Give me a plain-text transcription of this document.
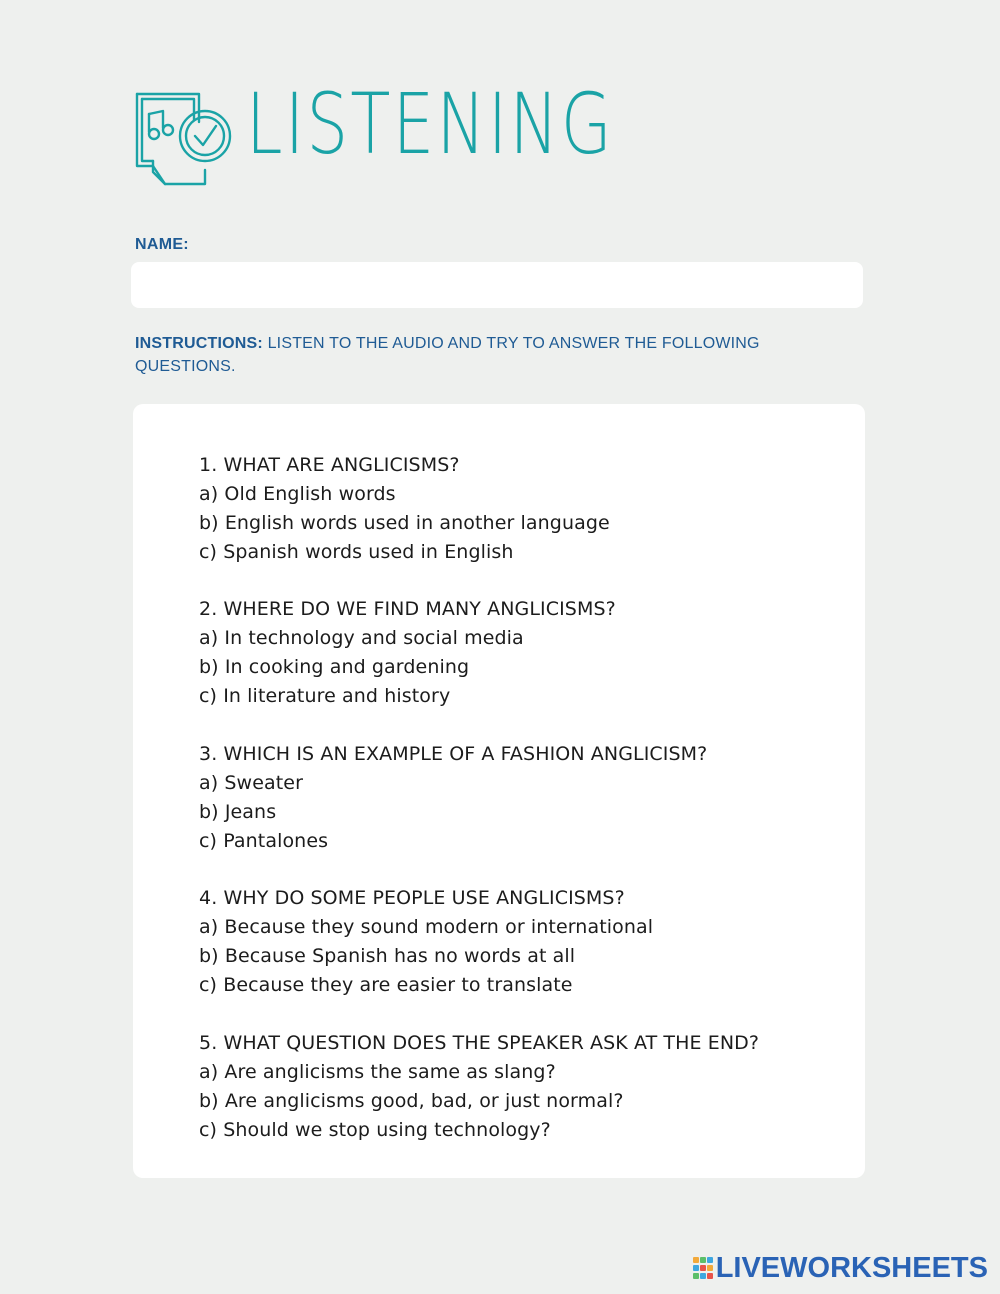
LISTENING
NAME:
INSTRUCTIONS: LISTEN TO THE AUDIO AND TRY TO ANSWER THE FOLLOWING QUESTIONS.
1. WHAT ARE ANGLICISMS?
a) Old English words
b) English words used in another language
c) Spanish words used in English
2. WHERE DO WE FIND MANY ANGLICISMS?
a) In technology and social media
b) In cooking and gardening
c) In literature and history
3. WHICH IS AN EXAMPLE OF A FASHION ANGLICISM?
a) Sweater
b) Jeans
c) Pantalones
4. WHY DO SOME PEOPLE USE ANGLICISMS?
a) Because they sound modern or international
b) Because Spanish has no words at all
c) Because they are easier to translate
5. WHAT QUESTION DOES THE SPEAKER ASK AT THE END?
a) Are anglicisms the same as slang?
b) Are anglicisms good, bad, or just normal?
c) Should we stop using technology?
LIVEWORKSHEETS
